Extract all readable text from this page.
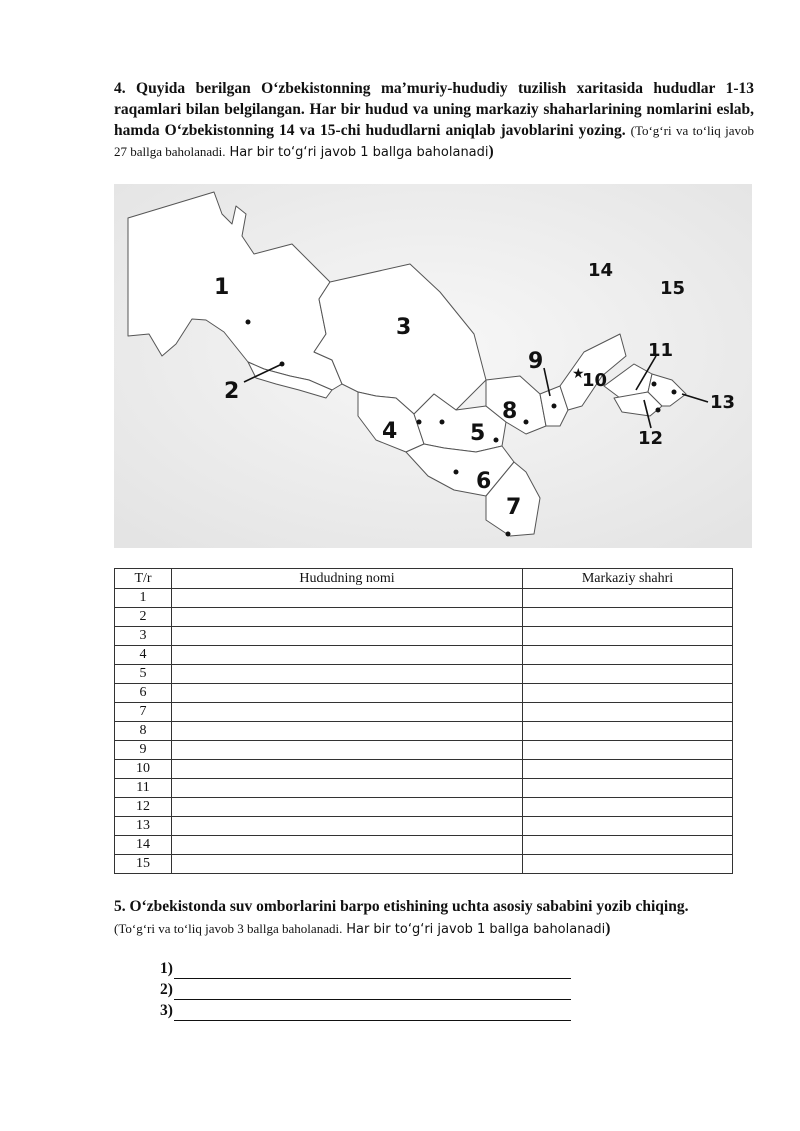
4. Quyida berilgan O‘zbekistonning ma’muriy-hududiy tuzilish xaritasida hududlar 1-13 raqamlari bilan belgilangan. Har bir hudud va uning markaziy shaharlarining nomlarini eslab, hamda O‘zbekistonning 14 va 15-chi hududlarni aniqlab javoblarini yozing. (To‘g‘ri va to‘liq javob 27 ballga baholanadi. Har bir to‘g‘ri javob 1 ballga baholanadi)
★
1
2
3
4	5
6
7
8
9
10
11
12
13
14
15
T/r	Hududning nomi	Markaziy shahri
1		
2		
3		
4		
5		
6		
7		
8		
9		
10		
11		
12		
13		
14		
15		
5. O‘zbekistonda suv omborlarini barpo etishining uchta asosiy sababini yozib chiqing.
(To‘g‘ri va to‘liq javob 3 ballga baholanadi. Har bir to‘g‘ri javob 1 ballga baholanadi)
1)
2)
3)
